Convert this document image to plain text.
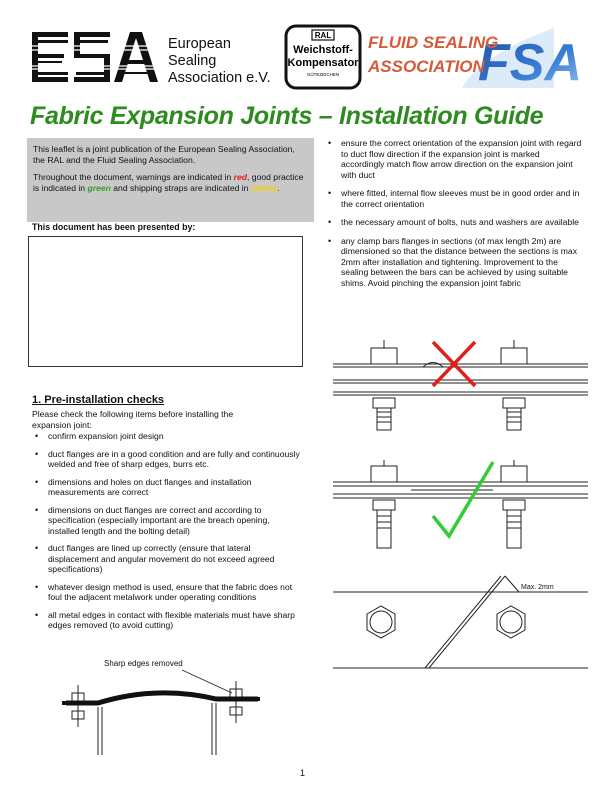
European
Sealing
Association e.V.
RAL
Weichstoff-
Kompensator
GÜTEZEICHEN	FSA
FLUID SEALING
ASSOCIATION
Fabric Expansion Joints – Installation Guide

This leaflet is a joint publication of the European Sealing Association, the RAL and the Fluid Sealing Association.

Throughout the document, warnings are indicated in red, good practice is indicated in green and shipping straps are indicated in yellow.

This document has been presented by:
1. Pre-installation checks
Please check the following items before installing the expansion joint:
• confirm expansion joint design
• duct flanges are in a good condition and are fully and continuously welded and free of sharp edges, burrs etc.
• dimensions and holes on duct flanges and installation measurements are correct
• dimensions on duct flanges are correct and according to specification (especially important are the breach opening, installed length and the bolting detail)
• duct flanges are lined up correctly (ensure that lateral displacement and angular movement do not exceed agreed specifications)
• whatever design method is used, ensure that the fabric does not foul the adjacent metalwork under operating conditions
• all metal edges in contact with flexible materials must have sharp edges removed (to avoid cutting)
• ensure the correct orientation of the expansion joint with regard to duct flow direction if the expansion joint is marked accordingly match flow arrow direction on the expansion joint with duct
• where fitted, internal flow sleeves must be in good order and in the correct orientation
• the necessary amount of bolts, nuts and washers are available
• any clamp bars flanges in sections (of max length 2m) are dimensioned so that the distance between the sections is max 2mm after installation and tightening. Improvement to the sealing between the bars can be achieved by using suitable shims. Avoid pinching the expansion joint fabric
Max. 2mm
Sharp edges removed
1
